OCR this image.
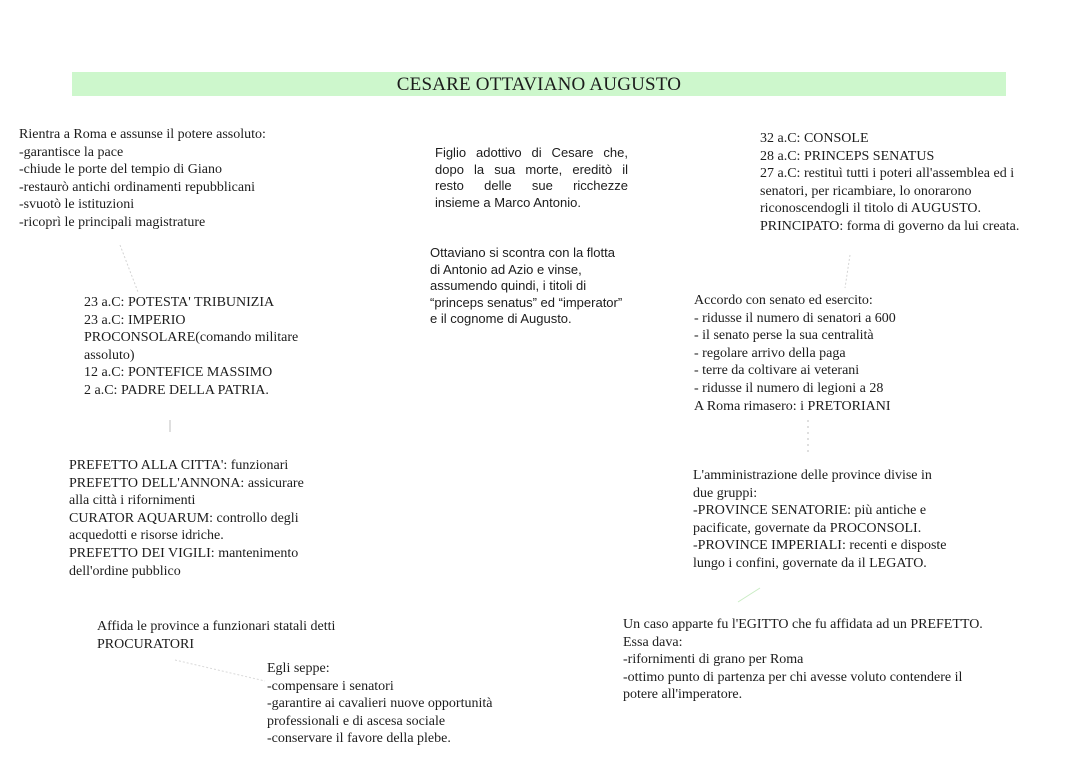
CESARE OTTAVIANO AUGUSTO
Rientra a Roma e assunse il potere assoluto:
-garantisce la pace
-chiude le porte del tempio di Giano
-restaurò antichi ordinamenti repubblicani
-svuotò le istituzioni
-ricoprì le principali magistrature
Figlio adottivo di Cesare che,
dopo la sua morte, ereditò il
resto delle sue ricchezze
insieme a Marco Antonio.
32 a.C: CONSOLE
28 a.C: PRINCEPS SENATUS
27 a.C: restituì tutti i poteri all'assemblea ed i
senatori, per ricambiare, lo onorarono
riconoscendogli il titolo di AUGUSTO.
PRINCIPATO: forma di governo da lui creata.
Ottaviano si scontra con la flotta
di Antonio ad Azio e vinse,
assumendo quindi, i titoli di
“princeps senatus” ed “imperator”
e il cognome di Augusto.
23 a.C: POTESTA' TRIBUNIZIA
23 a.C: IMPERIO
PROCONSOLARE(comando militare
assoluto)
12 a.C: PONTEFICE MASSIMO
2 a.C: PADRE DELLA PATRIA.
Accordo con senato ed esercito:
- ridusse il numero di senatori a 600
- il senato perse la sua centralità
- regolare arrivo della paga
- terre da coltivare ai veterani
- ridusse il numero di legioni a 28
A Roma rimasero: i PRETORIANI
PREFETTO ALLA CITTA': funzionari
PREFETTO DELL'ANNONA: assicurare
alla città i rifornimenti
CURATOR AQUARUM: controllo degli
acquedotti e risorse idriche.
PREFETTO DEI VIGILI: mantenimento
dell'ordine pubblico
L'amministrazione delle province divise in
due gruppi:
-PROVINCE SENATORIE: più antiche e
pacificate, governate da PROCONSOLI.
-PROVINCE IMPERIALI: recenti e disposte
lungo i confini, governate da il LEGATO.
Affida le province a funzionari statali detti
PROCURATORI
Un caso apparte fu l'EGITTO che fu affidata ad un PREFETTO.
Essa dava:
-rifornimenti di grano per Roma
-ottimo punto di partenza per chi avesse voluto contendere il
potere all'imperatore.
Egli seppe:
-compensare i senatori
-garantire ai cavalieri nuove opportunità
professionali e di ascesa sociale
-conservare il favore della plebe.
